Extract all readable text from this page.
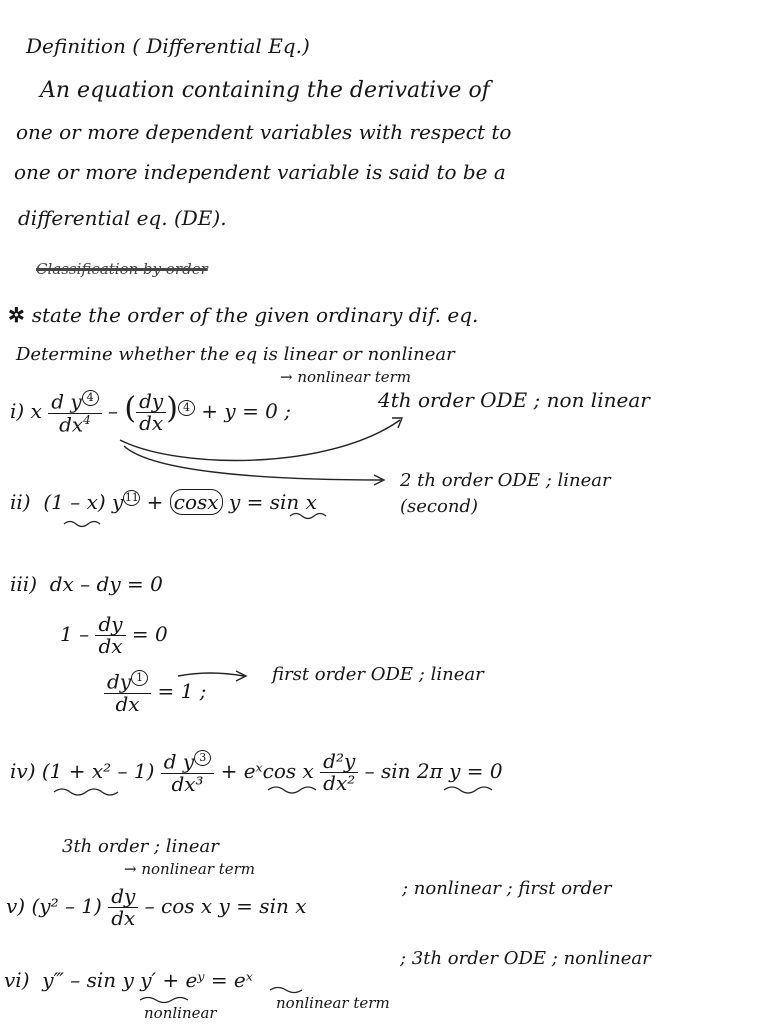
Definition ( Differential Eq.)
An equation containing the derivative of
one or more dependent variables with respect to
one or more independent variable is said to be a
differential eq. (DE).
Classification by order
✲ state the order of the given ordinary dif. eq.
Determine whether the eq is linear or nonlinear
→ nonlinear term
i) x $\frac{\text{d y 4}}{dx^4}$ – ( $\frac{dy}{dx}$ ) 4 + y = 0 ;	4th order ODE ; non linear
ii) (1 – x) y 11 + cosx y = sin x
2 th order ODE ; linear
(second)
iii) dx – dy = 0
$1 - \frac{dy}{dx} = 0$
$\frac{dy 1}{dx} = 1$ ;
first order ODE ; linear
iv) $(1 + x^2 - 1) \frac{\text{d y 3}}{\text{dx³}}$ + eˣcos x $\frac{\text{d²y}}{\text{dx²}}$ – sin 2π y = 0
3th order ; linear
→ nonlinear term
v) $(y^2 - 1) \frac{dy}{dx}$ – cos x y = sin x
; nonlinear ; first order
vi) y‴ – sin y y′ + eʸ = eˣ
; 3th order ODE ; nonlinear
nonlinear
nonlinear term
